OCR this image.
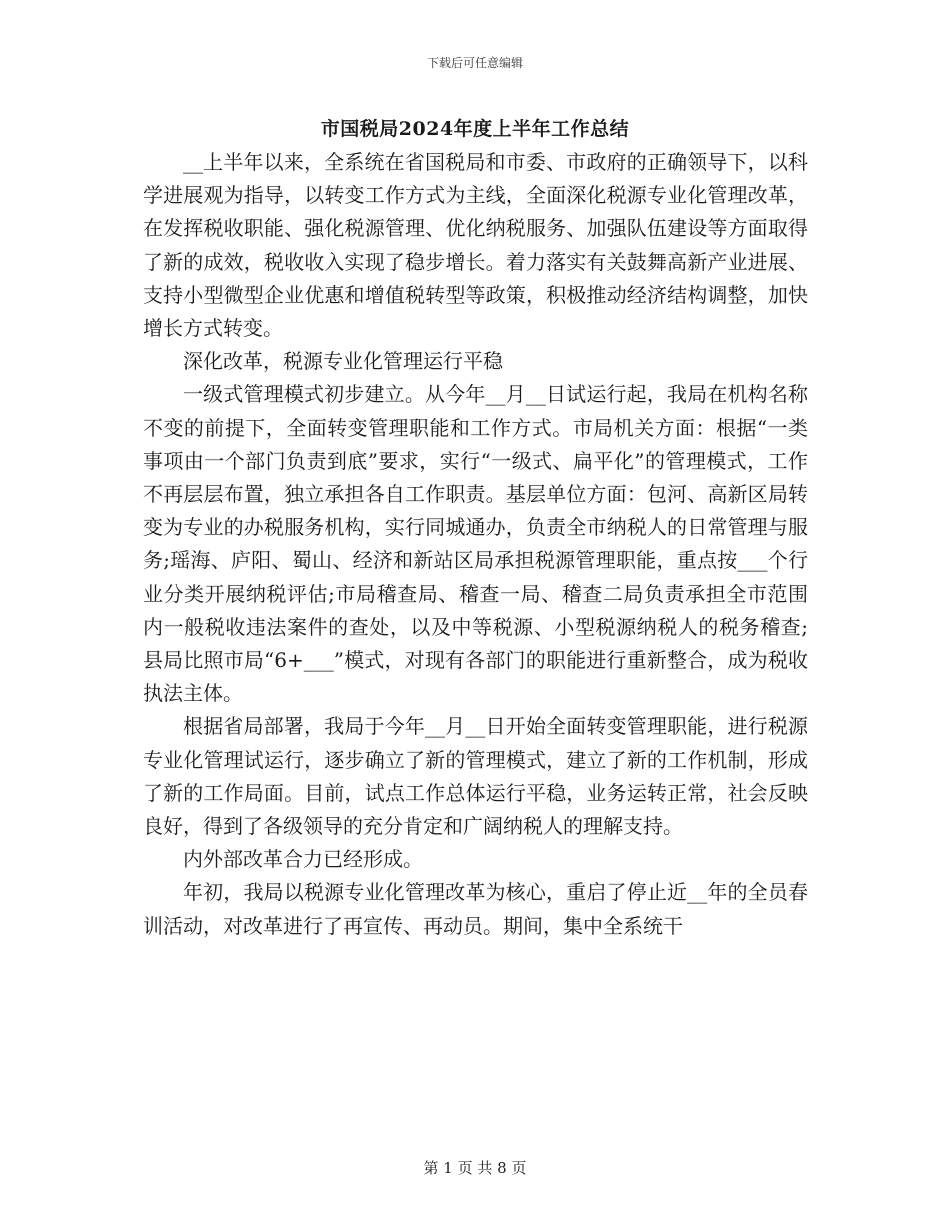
下载后可任意编辑
市国税局2024年度上半年工作总结

__上半年以来，全系统在省国税局和市委、市政府的正确领导下，以科学进展观为指导，以转变工作方式为主线，全面深化税源专业化管理改革，在发挥税收职能、强化税源管理、优化纳税服务、加强队伍建设等方面取得了新的成效，税收收入实现了稳步增长。着力落实有关鼓舞高新产业进展、支持小型微型企业优惠和增值税转型等政策，积极推动经济结构调整，加快增长方式转变。

深化改革，税源专业化管理运行平稳

一级式管理模式初步建立。从今年__月__日试运行起，我局在机构名称不变的前提下，全面转变管理职能和工作方式。市局机关方面：根据“一类事项由一个部门负责到底”要求，实行“一级式、扁平化”的管理模式，工作不再层层布置，独立承担各自工作职责。基层单位方面：包河、高新区局转变为专业的办税服务机构，实行同城通办，负责全市纳税人的日常管理与服务;瑶海、庐阳、蜀山、经济和新站区局承担税源管理职能，重点按___个行业分类开展纳税评估;市局稽查局、稽查一局、稽查二局负责承担全市范围内一般税收违法案件的查处，以及中等税源、小型税源纳税人的税务稽查;县局比照市局“6+___”模式，对现有各部门的职能进行重新整合，成为税收执法主体。

根据省局部署，我局于今年__月__日开始全面转变管理职能，进行税源专业化管理试运行，逐步确立了新的管理模式，建立了新的工作机制，形成了新的工作局面。目前，试点工作总体运行平稳，业务运转正常，社会反映良好，得到了各级领导的充分肯定和广阔纳税人的理解支持。

内外部改革合力已经形成。

年初，我局以税源专业化管理改革为核心，重启了停止近__年的全员春训活动，对改革进行了再宣传、再动员。期间，集中全系统干

第 1 页 共 8 页
